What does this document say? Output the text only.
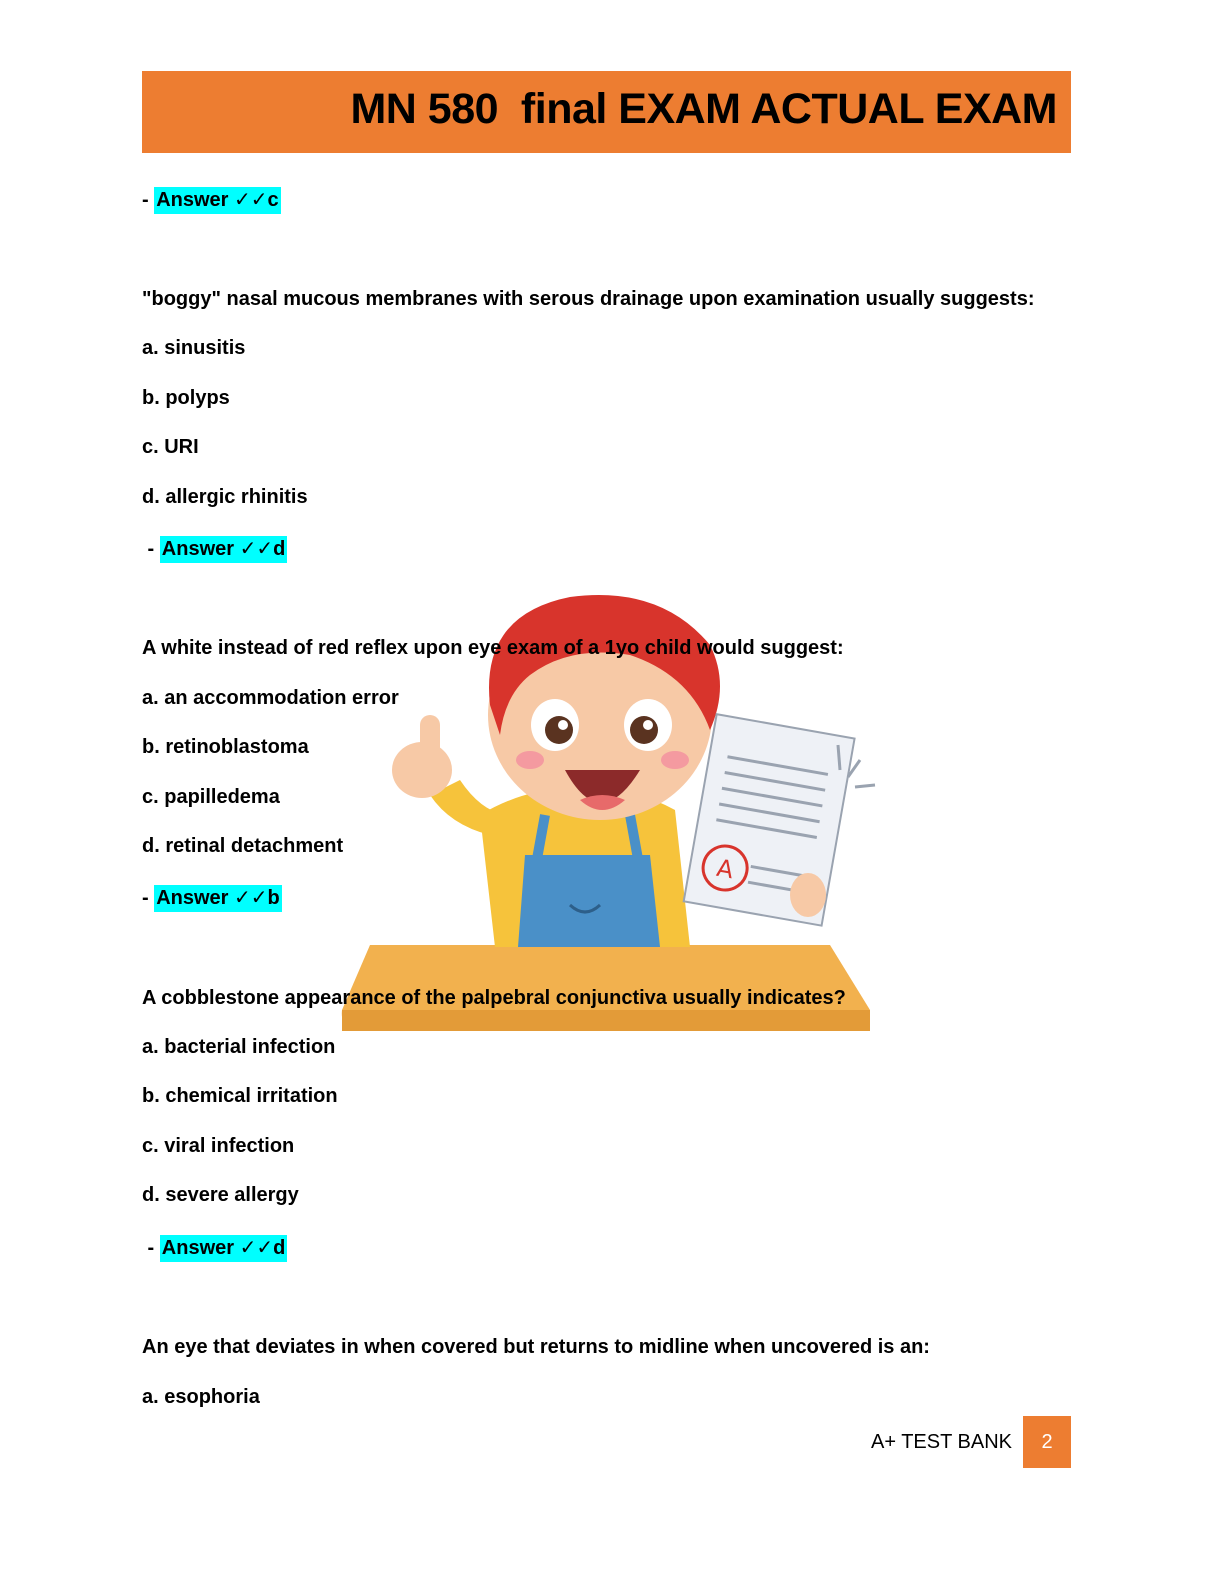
MN 580  final EXAM ACTUAL EXAM
A
- Answer ✓✓c
"boggy" nasal mucous membranes with serous drainage upon examination usually suggests:
a. sinusitis
b. polyps
c. URI
d. allergic rhinitis
- Answer ✓✓d
A white instead of red reflex upon eye exam of a 1yo child would suggest:
a. an accommodation error
b. retinoblastoma
c. papilledema
d. retinal detachment
- Answer ✓✓b
A cobblestone appearance of the palpebral conjunctiva usually indicates?
a. bacterial infection
b. chemical irritation
c. viral infection
d. severe allergy
- Answer ✓✓d
An eye that deviates in when covered but returns to midline when uncovered is an:
a. esophoria
A+ TEST BANK	2
